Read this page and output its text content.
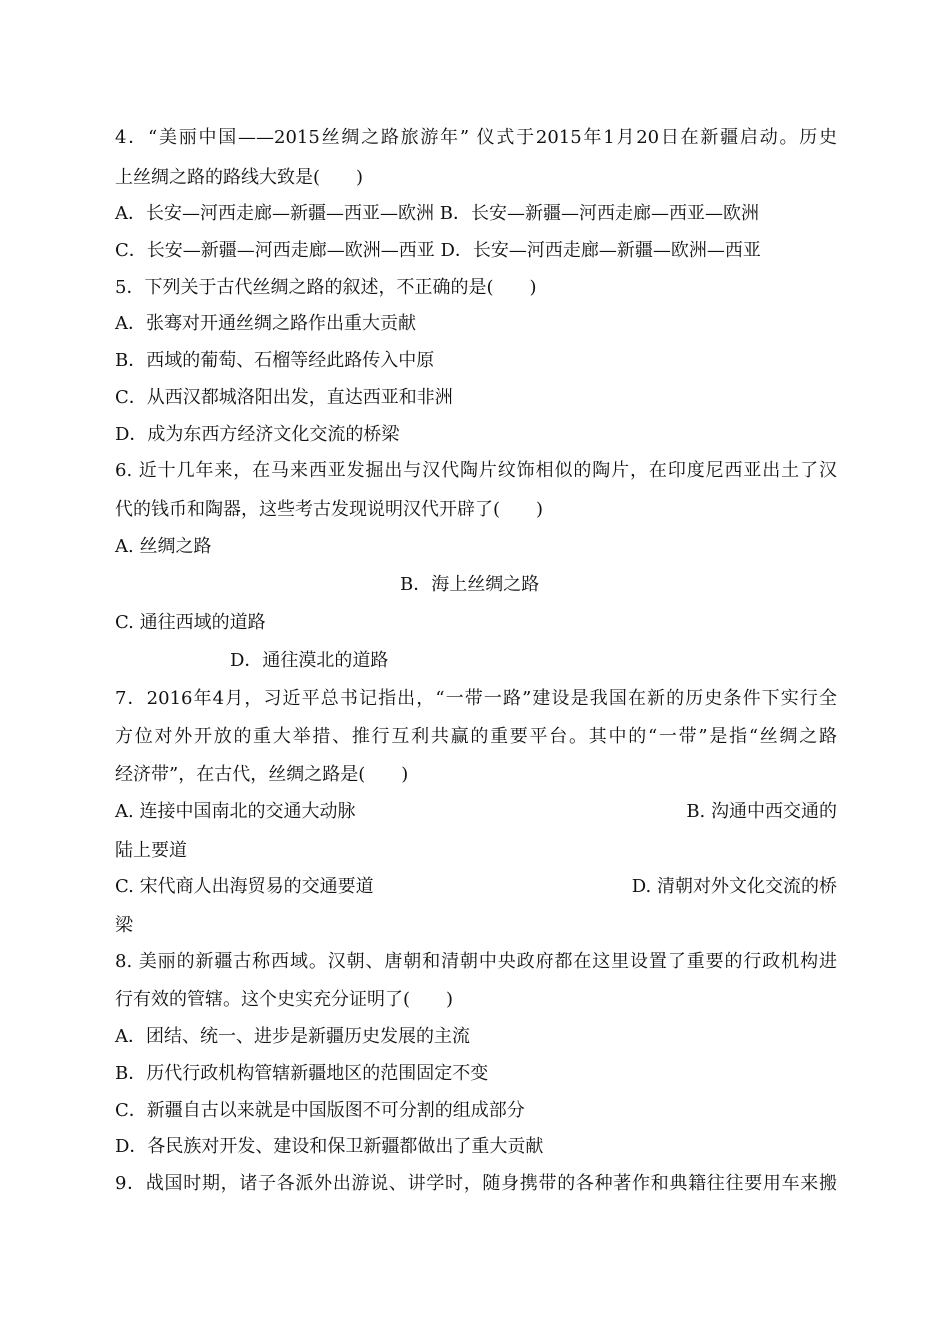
4．“美丽中国——2015丝绸之路旅游年” 仪式于2015年1月20日在新疆启动。历史
上丝绸之路的路线大致是(　　)
A．长安—河西走廊—新疆—西亚—欧洲 B．长安—新疆—河西走廊—西亚—欧洲
C．长安—新疆—河西走廊—欧洲—西亚 D．长安—河西走廊—新疆—欧洲—西亚
5．下列关于古代丝绸之路的叙述，不正确的是(　　)
A．张骞对开通丝绸之路作出重大贡献
B．西域的葡萄、石榴等经此路传入中原
C．从西汉都城洛阳出发，直达西亚和非洲
D．成为东西方经济文化交流的桥梁
6. 近十几年来，在马来西亚发掘出与汉代陶片纹饰相似的陶片，在印度尼西亚出土了汉
代的钱币和陶器，这些考古发现说明汉代开辟了(　　)
A. 丝绸之路
B．海上丝绸之路
C. 通往西域的道路
D．通往漠北的道路
7．2016年4月，习近平总书记指出，“一带一路”建设是我国在新的历史条件下实行全
方位对外开放的重大举措、推行互利共赢的重要平台。其中的“一带”是指“丝绸之路
经济带”，在古代，丝绸之路是(　　)
A. 连接中国南北的交通大动脉	B. 沟通中西交通的
陆上要道
C. 宋代商人出海贸易的交通要道	D. 清朝对外文化交流的桥
梁
8. 美丽的新疆古称西域。汉朝、唐朝和清朝中央政府都在这里设置了重要的行政机构进
行有效的管辖。这个史实充分证明了(　　)
A．团结、统一、进步是新疆历史发展的主流
B．历代行政机构管辖新疆地区的范围固定不变
C．新疆自古以来就是中国版图不可分割的组成部分
D．各民族对开发、建设和保卫新疆都做出了重大贡献
9．战国时期，诸子各派外出游说、讲学时，随身携带的各种著作和典籍往往要用车来搬
